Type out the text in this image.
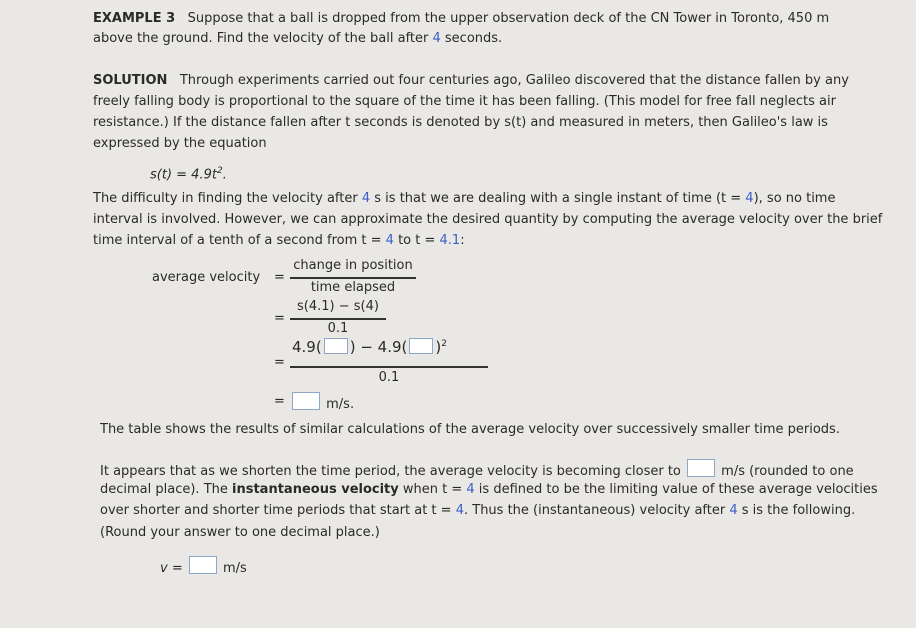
EXAMPLE 3 Suppose that a ball is dropped from the upper observation deck of the CN Tower in Toronto, 450 m
above the ground. Find the velocity of the ball after 4 seconds.
SOLUTION Through experiments carried out four centuries ago, Galileo discovered that the distance fallen by any
freely falling body is proportional to the square of the time it has been falling. (This model for free fall neglects air
resistance.) If the distance fallen after t seconds is denoted by s(t) and measured in meters, then Galileo's law is
expressed by the equation
$s(t) = 4.9t^2$.
The difficulty in finding the velocity after 4 s is that we are dealing with a single instant of time (t = 4), so no time
interval is involved. However, we can approximate the desired quantity by computing the average velocity over the brief
time interval of a tenth of a second from t = 4 to t = 4.1:
average velocity =
change in position
time elapsed
=
s(4.1) − s(4)
0.1
=
4.9( ) − 4.9( )$^2$
0.1
=	m/s.
The table shows the results of similar calculations of the average velocity over successively smaller time periods.
It appears that as we shorten the time period, the average velocity is becoming closer to	m/s (rounded to one
decimal place). The instantaneous velocity when t = 4 is defined to be the limiting value of these average velocities
over shorter and shorter time periods that start at t = 4. Thus the (instantaneous) velocity after 4 s is the following.
(Round your answer to one decimal place.)
v =	m/s
